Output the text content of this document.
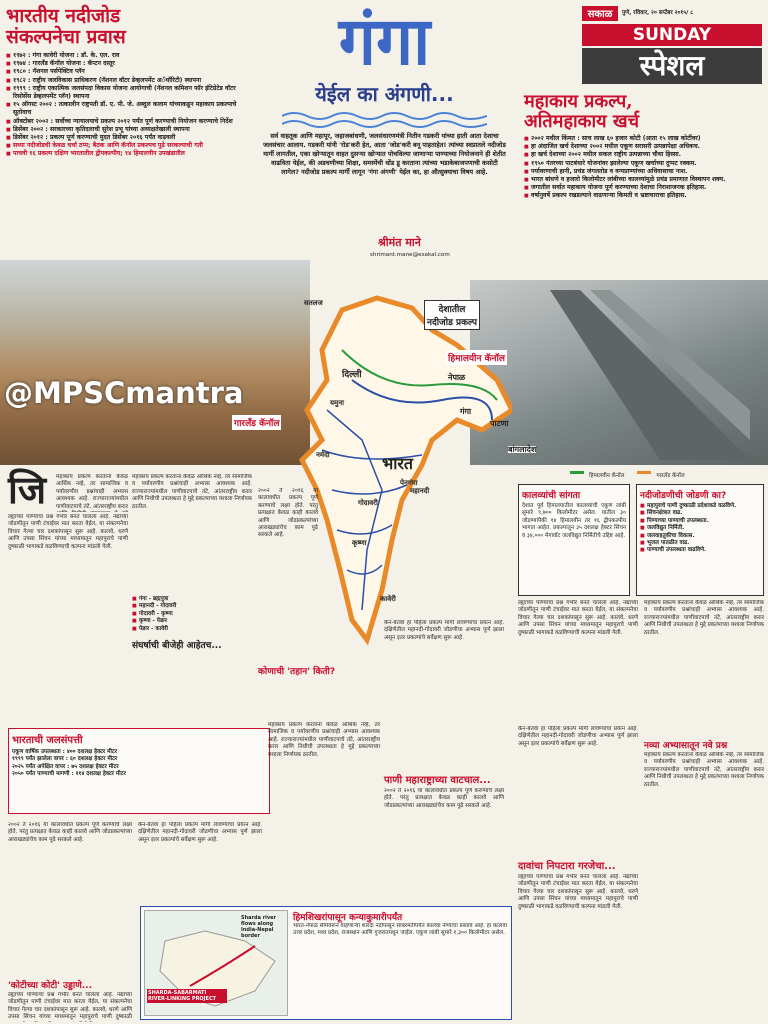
भारतीय नदीजोड
संकल्पनेचा प्रवास
■ १९७२ : गंगा कावेरी योजना : डॉ. के. एल. राव
■ १९७४ : गारलँड कॅनॉल योजना : कॅप्टन दस्तूर
■ १९८० : नॅशनल पर्सपेक्टिव प्लॅन
■ १९८२ : राष्ट्रीय जलविकास प्राधिकरण (नॅशनल वॉटर डेव्हलपमेंट अॅथॉरिटी) स्थापना
■ १९९९ : राष्ट्रीय एकात्मिक जलसंपदा विकास योजना आयोगाची (नॅशनल कमिशन फॉर इंटिग्रेटेड वॉटर रिसोर्सेस डेव्हलपमेंट प्लॅन) स्थापना
■ १५ ऑगस्ट २००२ : तत्कालीन राष्ट्रपती डॉ. ए. पी. जे. अब्दुल कलाम यांच्याकडून महाकाय प्रकल्पाचे सूतोवाच
■ ऑक्टोबर २००२ : सर्वोच्च न्यायालयाचे प्रकल्प २०१२ पर्यंत पूर्ण करण्याची नियोजन करण्याचे निर्देश
■ डिसेंबर २००२ : सरकारच्या कृतिदलाची सुरेश प्रभू यांच्या अध्यक्षतेखाली स्थापना
■ डिसेंबर २०१२ : प्रकल्प पूर्ण करण्याची मुदत डिसेंबर २०१६ पर्यंत वाढवली
■ सध्या नदीजोडची केवळ चर्चा ठप्प; बैठक आणि कॅनॉल प्रकल्पच पुढे सरकल्याची गती
■ पाचवी १६ प्रकल्प दक्षिण भारतातील द्वीपकल्पीय; १४ हिमालयीन उपखंडातील
@MPSCmantra
गंगा
येईल का अंगणी...
सर्व वाहतूक आणि महापूर, जहाजबांधणी, जलसंधारणमंत्री नितीन गडकरी यांच्या हाती आता देशाचा जलसंचार आलाय. गडकरी यांनी 'रोड'करी हेत, आता 'जोड'करी बनू पाहताहेत! त्यांच्या स्वप्नातले नदीजोड मार्गी लागतील, एका खोऱ्यातून वाहत दुसऱ्या खोऱ्यात पोचविल्या जाणाऱ्या पाण्याच्या नियोजनाने ही शेतीत वाढविता येईल, की अडचणीच्या शिक्षा, समस्येंची धोंड डू करताना त्यांच्या भडाकेबाजपणाची कसोटी लागेल? नदीजोड प्रकल्प मार्गी लागून 'गंगा अंगणी' येईल का, हा औत्सुक्याचा विषय आहे.
श्रीमंत माने
shrimant.mane@esakal.com
सकाळ	पुणे, रविवार, २० सप्टेंबर २०१५/ ८
SUNDAY
स्पेशल
महाकाय प्रकल्प,
अतिमहाकाय खर्च
■ २००२ मधील किंमत : साच लाख ६० हजार कोटी (आता १५ लाख कोटींवर)
■ हा अंदाजित खर्च देशाच्या २००२ मधील एकूण सरासरी उत्पन्नापेक्षा अधिकच.
■ हा खर्च देशाच्या २००२ मधील सकल राष्ट्रीय उत्पन्नाच्या चौथा हिस्सा.
■ १९५० नंतरच्या पाटबंधारे योजनांवर झालेल्या एकूण खर्चाच्या दुप्पट रक्कम.
■ पर्यावरणाची हानी, प्रचंड जंगलतोड व वन्यप्राण्यांच्या अधिवासाचा नाश.
■ भारत बांधणे व हजारो किलोमीटर लांबीच्या कालव्यांमुळे प्रचंड प्रमाणात विस्थापन शक्य.
■ जगातील सर्वात महाकाय योजना पूर्ण करण्याच्या देशाचा निराशाजनक इतिहास.
■ वर्षानुवर्षे प्रकल्प रखडल्याने वाढणाऱ्या किमती व भ्रष्टाचाराचा इतिहास.
देशातील नदीजोड प्रकल्प
हिमालयीन कॅनॉल
गारलँड कॅनॉल
भारत
दिल्ली	नेपाळ
गंगा
पाटणा
बांगलादेश
नर्मदा
महानदी
गोदावरी
कृष्णा
कावेरी
पेनगंगा
सतलज
यमुना
हिमालयीन कॅनॉल	गारलँड कॅनॉल
जि
ल्ह्यांच्या पाण्याचा प्रश्न गंभीर बनत चालला आहे. नद्यांच्या जोडणीतून पाणी टंचाईवर मात करता येईल, या संकल्पनेचा विचार गेल्या चार दशकांपासून सुरू आहे. कालवे, धरणे आणि उपसा सिंचन यांच्या माध्यमातून महापुराचे पाणी दुष्काळी भागाकडे वळविण्याची कल्पना मांडली गेली.
महाकाय प्रकल्प करताना केवळ आर्थिक नव्हे, तर सामाजिक व पर्यावरणीय प्रश्नांचाही अभ्यास आवश्यक आहे. राज्याराज्यांमधील पाणीवाटपाचे तंटे, आंतरराष्ट्रीय करार
महाकाय प्रकल्प करताना केवळ आर्थिक नव्हे, तर सामाजिक व पर्यावरणीय प्रश्नांचाही अभ्यास आवश्यक आहे. राज्याराज्यांमधील पाणीवाटपाचे तंटे, आंतरराष्ट्रीय करार आणि निधीची उपलब्धता हे मुद्दे प्रकल्पाच्या यशाला निर्णायक ठरतील.
■ गंगा - ब्रह्मपुत्रा
■ महानदी - गोदावरी
■ गोदावरी - कृष्णा
■ कृष्णा - पेन्नार
■ पेन्नार - कावेरी
संघर्षाची बीजेही आहेतच...
२००२ ते २०१६ या कालावधीत प्रकल्प पूर्ण करण्याचे लक्ष्य होते. परंतु प्रत्यक्षात केवळ काही कालवे आणि जोडप्रकल्पांच्या आराखड्यांचेच काम पुढे सरकले आहे.
कोणाची 'तहान' किती?
केन-बेतवा हा पहिला प्रकल्प मार्गी लावण्याचा प्रयत्न आहे. दक्षिणेतील महानदी-गोदावरी जोडणीचा अभ्यास पूर्ण झाला असून इतर प्रकल्पांचे सर्वेक्षण सुरू आहे.
कालव्यांची सांगता
देशात पूर्व हिमालयातील कालव्यांची एकूण लांबी सुमारे ९,७०० किलोमीटर असेल. यातील ३० जोडण्यांपैकी १४ हिमालयीन तर १६ द्वीपकल्पीय भागात आहेत. प्रकल्पातून ३५ दशलक्ष हेक्टर सिंचन व ३४,००० मेगावॉट जलविद्युत निर्मितीचे उद्दिष्ट आहे.
नदीजोडणीची जोडणी का?
■ महापुराचे पाणी दुष्काळी प्रदेशाकडे वळविणे.
■ सिंचनक्षेत्रात वाढ.
■ पिण्याच्या पाण्याची उपलब्धता.
■ जलविद्युत निर्मिती.
■ जलवाहतुकीचा विकास.
■ भूजल पातळीत वाढ.
■ पाण्याची उपलब्धता वाढविणे.
ल्ह्यांच्या पाण्याचा प्रश्न गंभीर बनत चालला आहे. नद्यांच्या जोडणीतून पाणी टंचाईवर मात करता येईल, या संकल्पनेचा विचार गेल्या चार दशकांपासून सुरू आहे. कालवे, धरणे आणि उपसा सिंचन यांच्या माध्यमातून महापुराचे पाणी दुष्काळी भागाकडे वळविण्याची कल्पना मांडली गेली.
महाकाय प्रकल्प करताना केवळ आर्थिक नव्हे, तर सामाजिक व पर्यावरणीय प्रश्नांचाही अभ्यास आवश्यक आहे. राज्याराज्यांमधील पाणीवाटपाचे तंटे, आंतरराष्ट्रीय करार आणि निधीची उपलब्धता हे मुद्दे प्रकल्पाच्या यशाला निर्णायक ठरतील.
भारताची जलसंपत्ती
एकूण वार्षिक उपलब्धता : ४०० दशलक्ष हेक्टर मीटर
१९९९ पर्यंत झालेला वापर : ६० दशलक्ष हेक्टर मीटर
२०२५ पर्यंत अपेक्षित वापर : ७५ दशलक्ष हेक्टर मीटर
२०५० पर्यंत पाण्याची मागणी : ११४ दशलक्ष हेक्टर मीटर
२००२ ते २०१६ या कालावधीत प्रकल्प पूर्ण करण्याचे लक्ष्य होते. परंतु प्रत्यक्षात केवळ काही कालवे आणि जोडप्रकल्पांच्या आराखड्यांचेच काम पुढे सरकले आहे.
केन-बेतवा हा पहिला प्रकल्प मार्गी लावण्याचा प्रयत्न आहे. दक्षिणेतील महानदी-गोदावरी जोडणीचा अभ्यास पूर्ण झाला असून इतर प्रकल्पांचे सर्वेक्षण सुरू आहे.
'कोटीच्या कोटी' उड्डाणे...
ल्ह्यांच्या पाण्याचा प्रश्न गंभीर बनत चालला आहे. नद्यांच्या जोडणीतून पाणी टंचाईवर मात करता येईल, या संकल्पनेचा विचार गेल्या चार दशकांपासून सुरू आहे. कालवे, धरणे आणि उपसा सिंचन यांच्या माध्यमातून महापुराचे पाणी दुष्काळी
पाणी महाराष्ट्राच्या वाटचाल...
महाकाय प्रकल्प करताना केवळ आर्थिक नव्हे, तर सामाजिक व पर्यावरणीय प्रश्नांचाही अभ्यास आवश्यक आहे. राज्याराज्यांमधील पाणीवाटपाचे तंटे, आंतरराष्ट्रीय करार आणि निधीची उपलब्धता हे मुद्दे प्रकल्पाच्या यशाला निर्णायक ठरतील.
२००२ ते २०१६ या कालावधीत प्रकल्प पूर्ण करण्याचे लक्ष्य होते. परंतु प्रत्यक्षात केवळ काही कालवे आणि जोडप्रकल्पांच्या आराखड्यांचेच काम पुढे सरकले आहे.
दावांचा निपटारा गरजेचा...
केन-बेतवा हा पहिला प्रकल्प मार्गी लावण्याचा प्रयत्न आहे. दक्षिणेतील महानदी-गोदावरी जोडणीचा अभ्यास पूर्ण झाला असून इतर प्रकल्पांचे सर्वेक्षण सुरू आहे.
ल्ह्यांच्या पाण्याचा प्रश्न गंभीर बनत चालला आहे. नद्यांच्या जोडणीतून पाणी टंचाईवर मात करता येईल, या संकल्पनेचा विचार गेल्या चार दशकांपासून सुरू आहे. कालवे, धरणे आणि उपसा सिंचन यांच्या माध्यमातून महापुराचे पाणी दुष्काळी भागाकडे वळविण्याची कल्पना मांडली गेली.
नव्या अभ्यासातून नवे प्रश्न
महाकाय प्रकल्प करताना केवळ आर्थिक नव्हे, तर सामाजिक व पर्यावरणीय प्रश्नांचाही अभ्यास आवश्यक आहे. राज्याराज्यांमधील पाणीवाटपाचे तंटे, आंतरराष्ट्रीय करार आणि निधीची उपलब्धता हे मुद्दे प्रकल्पाच्या यशाला निर्णायक ठरतील.
हिमशिखरांपासून कन्याकुमारीपर्यंत
SHARDA-SABARMATI RIVER-LINKING PROJECT
Sharda river flows along India-Nepal border
भारत-नेपाळ सीमेवरून वाहणाऱ्या शारदा नदीपासून साबरमतीपर्यंत कालवा नेण्याचा प्रस्ताव आहे. हा कालवा उत्तर प्रदेश, मध्य प्रदेश, राजस्थान आणि गुजरातमधून जाईल. एकूण लांबी सुमारे १,३०० किलोमीटर असेल.
